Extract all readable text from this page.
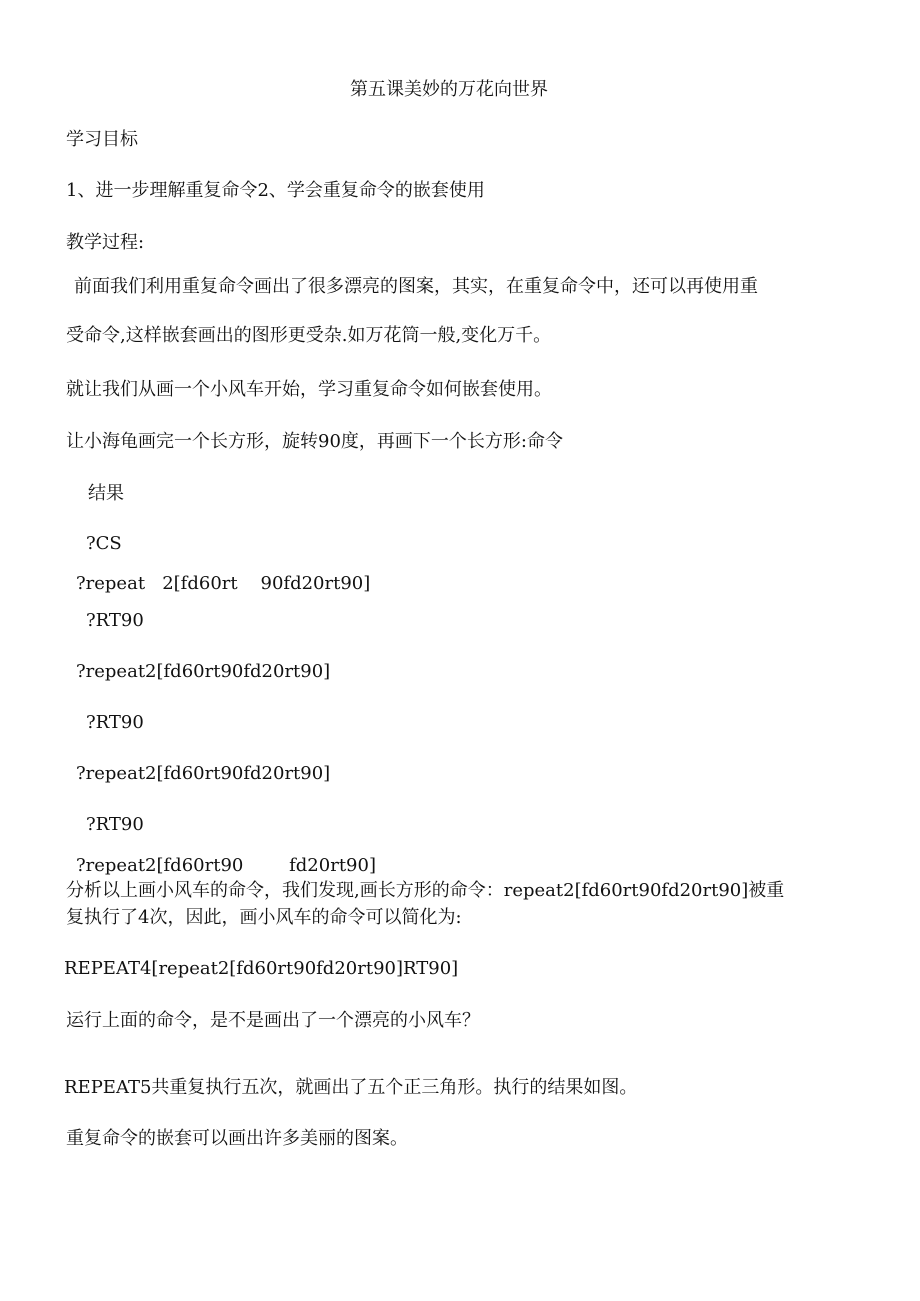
第五课美妙的万花向世界
学习目标
1、进一步理解重复命令2、学会重复命令的嵌套使用
教学过程:
前面我们利用重复命令画出了很多漂亮的图案，其实，在重复命令中，还可以再使用重
受命令,这样嵌套画出的图形更受杂.如万花筒一般,变化万千。
就让我们从画一个小风车开始，学习重复命令如何嵌套使用。
让小海龟画完一个长方形，旋转90度，再画下一个长方形:命令
结果
?CS
?repeat   2[fd60rt    90fd20rt90]
?RT90
?repeat2[fd60rt90fd20rt90]
?RT90
?repeat2[fd60rt90fd20rt90]
?RT90
?repeat2[fd60rt90        fd20rt90]
分析以上画小风车的命令，我们发现,画长方形的命令：repeat2[fd60rt90fd20rt90]被重
复执行了4次，因此，画小风车的命令可以简化为:
REPEAT4[repeat2[fd60rt90fd20rt90]RT90]
运行上面的命令，是不是画出了一个漂亮的小风车？
REPEAT5共重复执行五次，就画出了五个正三角形。执行的结果如图。
重复命令的嵌套可以画出许多美丽的图案。
